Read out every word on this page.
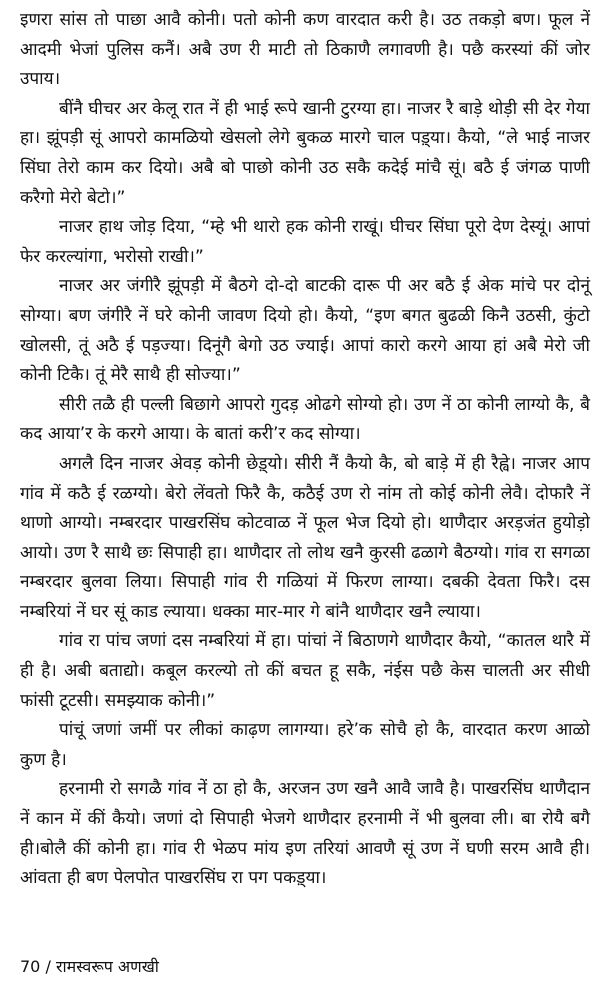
इणरा सांस तो पाछा आवै कोनी। पतो कोनी कण वारदात करी है। उठ तकड़ो बण। फूल नें आदमी भेजां पुलिस कनैं। अबै उण री माटी तो ठिकाणै लगावणी है। पछै करस्यां कीं जोर उपाय।

बींनै घीचर अर केलू रात नें ही भाई रूपे खानी टुरग्या हा। नाजर रै बाड़े थोड़ी सी देर गेया हा। झूंपड़ी सूं आपरो कामळियो खेसलो लेगे बुकळ मारगे चाल पड़्या। कैयो, “ले भाई नाजर सिंघा तेरो काम कर दियो। अबै बो पाछो कोनी उठ सकै कदेई मांचै सूं। बठै ई जंगळ पाणी करैगो मेरो बेटो।”

नाजर हाथ जोड़ दिया, “म्हे भी थारो हक कोनी राखूं। घीचर सिंघा पूरो देण देस्यूं। आपां फेर करल्यांगा, भरोसो राखी।”

नाजर अर जंगीरै झूंपड़ी में बैठगे दो-दो बाटकी दारू पी अर बठै ई अेक मांचे पर दोनूं सोग्या। बण जंगीरै नें घरे कोनी जावण दियो हो। कैयो, “इण बगत बुढळी किनै उठसी, कुंटो खोलसी, तूं अठै ई पड़ज्या। दिनूंगै बेगो उठ ज्याई। आपां कारो करगे आया हां अबै मेरो जी कोनी टिकै। तूं मेरै साथै ही सोज्या।”

सीरी तळै ही पल्ली बिछागे आपरो गुदड़ ओढगे सोग्यो हो। उण नें ठा कोनी लाग्यो कै, बै कद आया’र के करगे आया। के बातां करी’र कद सोग्या।

अगलै दिन नाजर अेवड़ कोनी छेड़्यो। सीरी नैं कैयो कै, बो बाड़े में ही रैह्वे। नाजर आप गांव में कठै ई रळग्यो। बेरो लेंवतो फिरै कै, कठैई उण रो नांम तो कोई कोनी लेवै। दोफारै नें थाणो आग्यो। नम्बरदार पाखरसिंघ कोटवाळ नें फूल भेज दियो हो। थाणैदार अरड़जंत हुयोड़ो आयो। उण रै साथै छः सिपाही हा। थाणैदार तो लोथ खनै कुरसी ढळागे बैठग्यो। गांव रा सगळा नम्बरदार बुलवा लिया। सिपाही गांव री गळियां में फिरण लाग्या। दबकी देवता फिरै। दस नम्बरियां नें घर सूं काड ल्याया। धक्का मार-मार गे बांनै थाणैदार खनै ल्याया।

गांव रा पांच जणां दस नम्बरियां में हा। पांचां नें बिठाणगे थाणैदार कैयो, “कातल थारै में ही है। अबी बताद्यो। कबूल करल्यो तो कीं बचत हू सकै, नंईस पछै केस चालती अर सीधी फांसी टूटसी। समझ्याक कोनी।”

पांचूं जणां जमीं पर लीकां काढ़ण लागग्या। हरे’क सोचै हो कै, वारदात करण आळो कुण है।

हरनामी रो सगळै गांव नें ठा हो कै, अरजन उण खनै आवै जावै है। पाखरसिंघ थाणैदान नें कान में कीं कैयो। जणां दो सिपाही भेजगे थाणैदार हरनामी नें भी बुलवा ली। बा रोयै बगै ही।बोलै कीं कोनी हा। गांव री भेळप मांय इण तरियां आवणै सूं उण नें घणी सरम आवै ही। आंवता ही बण पेलपोत पाखरसिंघ रा पग पकड़्या।

70 / रामस्वरूप अणखी
